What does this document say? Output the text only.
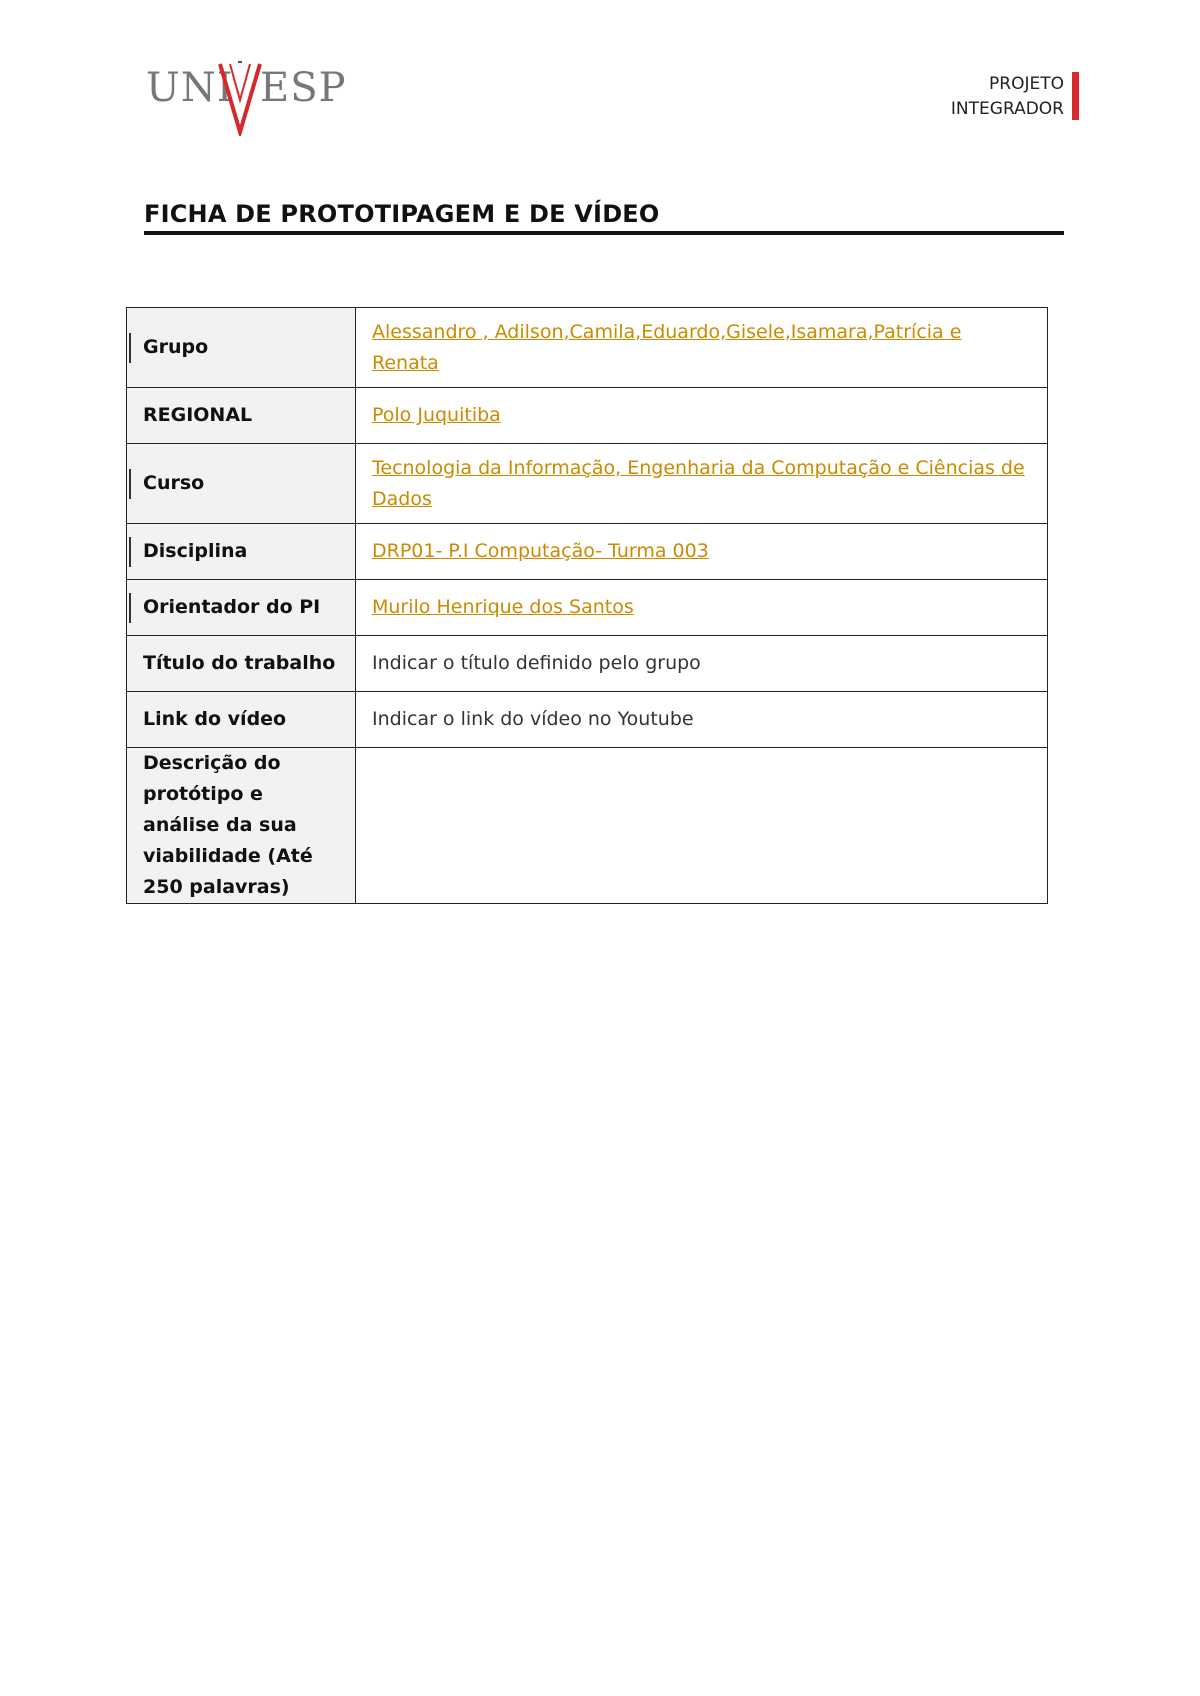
UNI ESP	PROJETO
INTEGRADOR
FICHA DE PROTOTIPAGEM E DE VÍDEO
Grupo	Alessandro , Adilson,Camila,Eduardo,Gisele,Isamara,Patrícia e Renata
REGIONAL	Polo Juquitiba

Curso	Tecnologia da Informação, Engenharia da Computação e Ciências de Dados

Disciplina	DRP01- P.I Computação- Turma 003

Orientador do PI	Murilo Henrique dos Santos
Título do trabalho	Indicar o título definido pelo grupo
Link do vídeo	Indicar o link do vídeo no Youtube
Descrição do protótipo e análise da sua viabilidade (Até 250 palavras)	
